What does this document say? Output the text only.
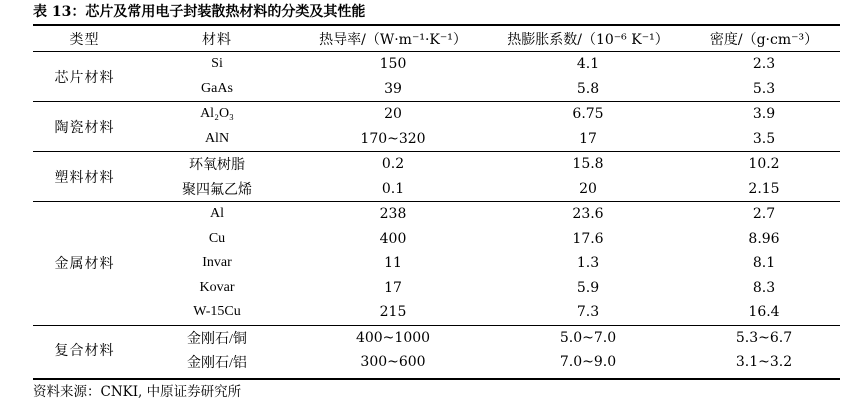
表 13：芯片及常用电子封装散热材料的分类及其性能
类型	材料	热导率/（W·m⁻¹·K⁻¹）	热膨胀系数/（10⁻⁶ K⁻¹）	密度/（g·cm⁻³）
芯片材料	Si	150	4.1	2.3
	GaAs	39	5.8	5.3
陶瓷材料	Al₂O₃	20	6.75	3.9
	AlN	170~320	17	3.5
塑料材料	环氧树脂	0.2	15.8	10.2
	聚四氟乙烯	0.1	20	2.15
金属材料	Al	238	23.6	2.7
	Cu	400	17.6	8.96
	Invar	11	1.3	8.1
	Kovar	17	5.9	8.3
	W-15Cu	215	7.3	16.4
复合材料	金刚石/铜	400~1000	5.0~7.0	5.3~6.7
	金刚石/铝	300~600	7.0~9.0	3.1~3.2
资料来源：CNKI, 中原证券研究所
